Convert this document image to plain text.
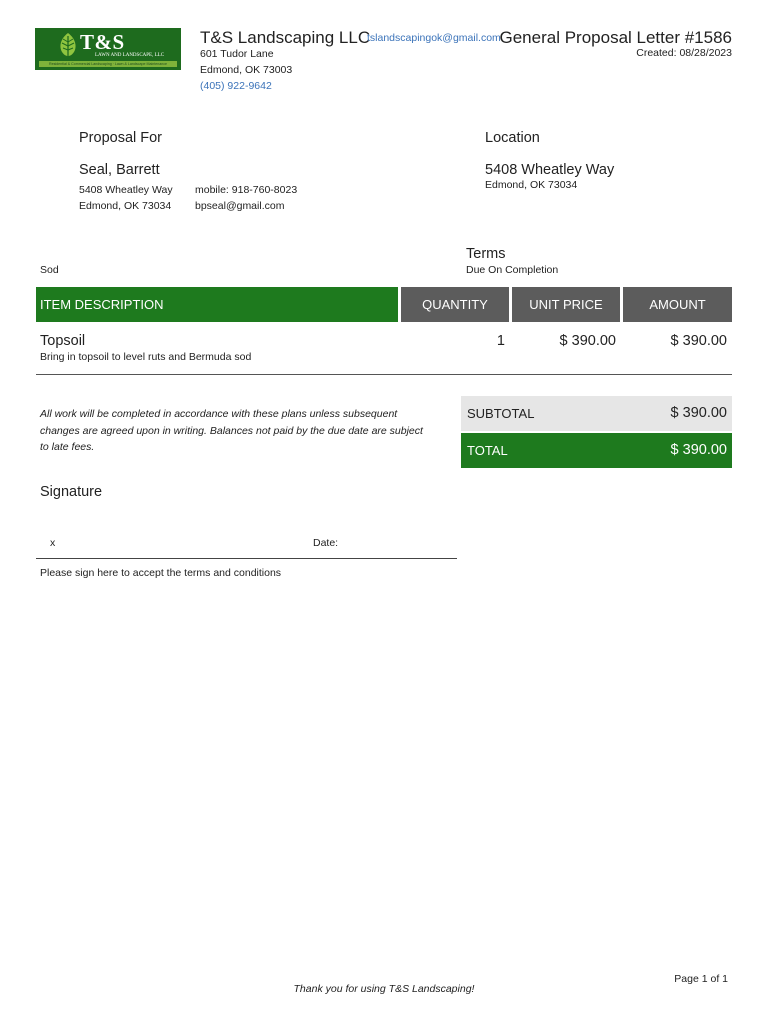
T&S
LAWN AND LANDSCAPE, LLC
Residential & Commercial Landscaping · Lawn & Landscape Maintenance
T&S Landscaping LLC
601 Tudor Lane
Edmond, OK 73003
(405) 922-9642
tslandscapingok@gmail.com
General Proposal Letter #1586
Created: 08/28/2023
Proposal For
Seal, Barrett
5408 Wheatley Way
Edmond, OK 73034
mobile: 918-760-8023
bpseal@gmail.com
Location
5408 Wheatley Way
Edmond, OK 73034
Sod
Terms
Due On Completion
ITEM DESCRIPTION	QUANTITY	UNIT PRICE	AMOUNT
Topsoil
Bring in topsoil to level ruts and Bermuda sod
1	$ 390.00	$ 390.00
All work will be completed in accordance with these plans unless subsequent changes are agreed upon in writing. Balances not paid by the due date are subject to late fees.
SUBTOTAL	$ 390.00
TOTAL	$ 390.00
Signature
x	Date:
Please sign here to accept the terms and conditions
Page 1 of 1
Thank you for using T&S Landscaping!
